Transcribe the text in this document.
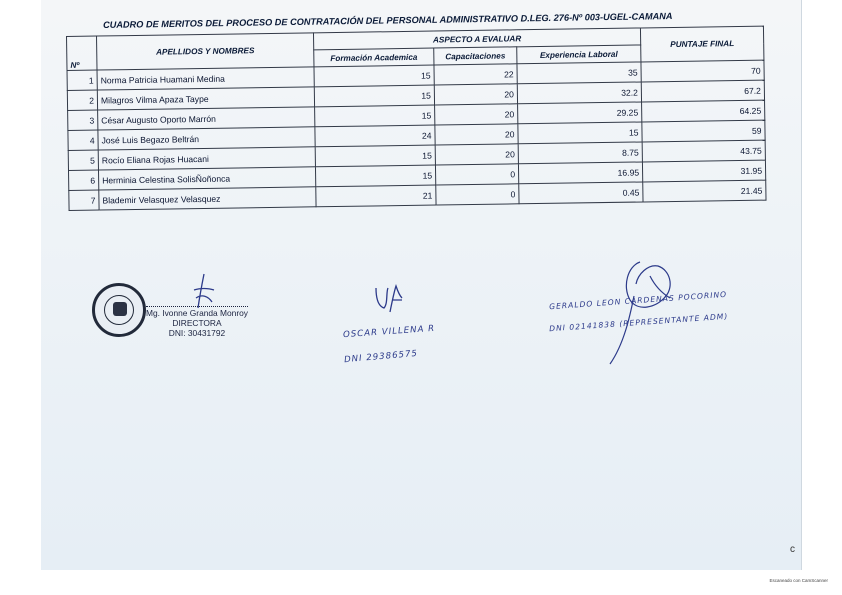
CUADRO DE MERITOS DEL PROCESO DE CONTRATACIÓN DEL PERSONAL ADMINISTRATIVO D.LEG. 276-Nº 003-UGEL-CAMANA
Nº	APELLIDOS Y NOMBRES	ASPECTO A EVALUAR			PUNTAJE FINAL
		Formación Academica	Capacitaciones	Experiencia Laboral	
1	Norma Patricia Huamani Medina	15	22	35	70
2	Milagros Vilma Apaza Taype	15	20	32.2	67.2
3	César Augusto Oporto Marrón	15	20	29.25	64.25
4	José Luis Begazo Beltrán	24	20	15	59
5	Rocío Eliana Rojas Huacani	15	20	8.75	43.75
6	Herminia Celestina SolisÑoñonca	15	0	16.95	31.95
7	Blademir Velasquez Velasquez	21	0	0.45	21.45
Mg. Ivonne Granda Monroy
DIRECTORA
DNI: 30431792	OSCAR VILLENA R
DNI 29386575
GERALDO LEON CARDENAS POCORINO
DNI 02141838 (REPRESENTANTE ADM)
c
Escaneado con CamScanner
